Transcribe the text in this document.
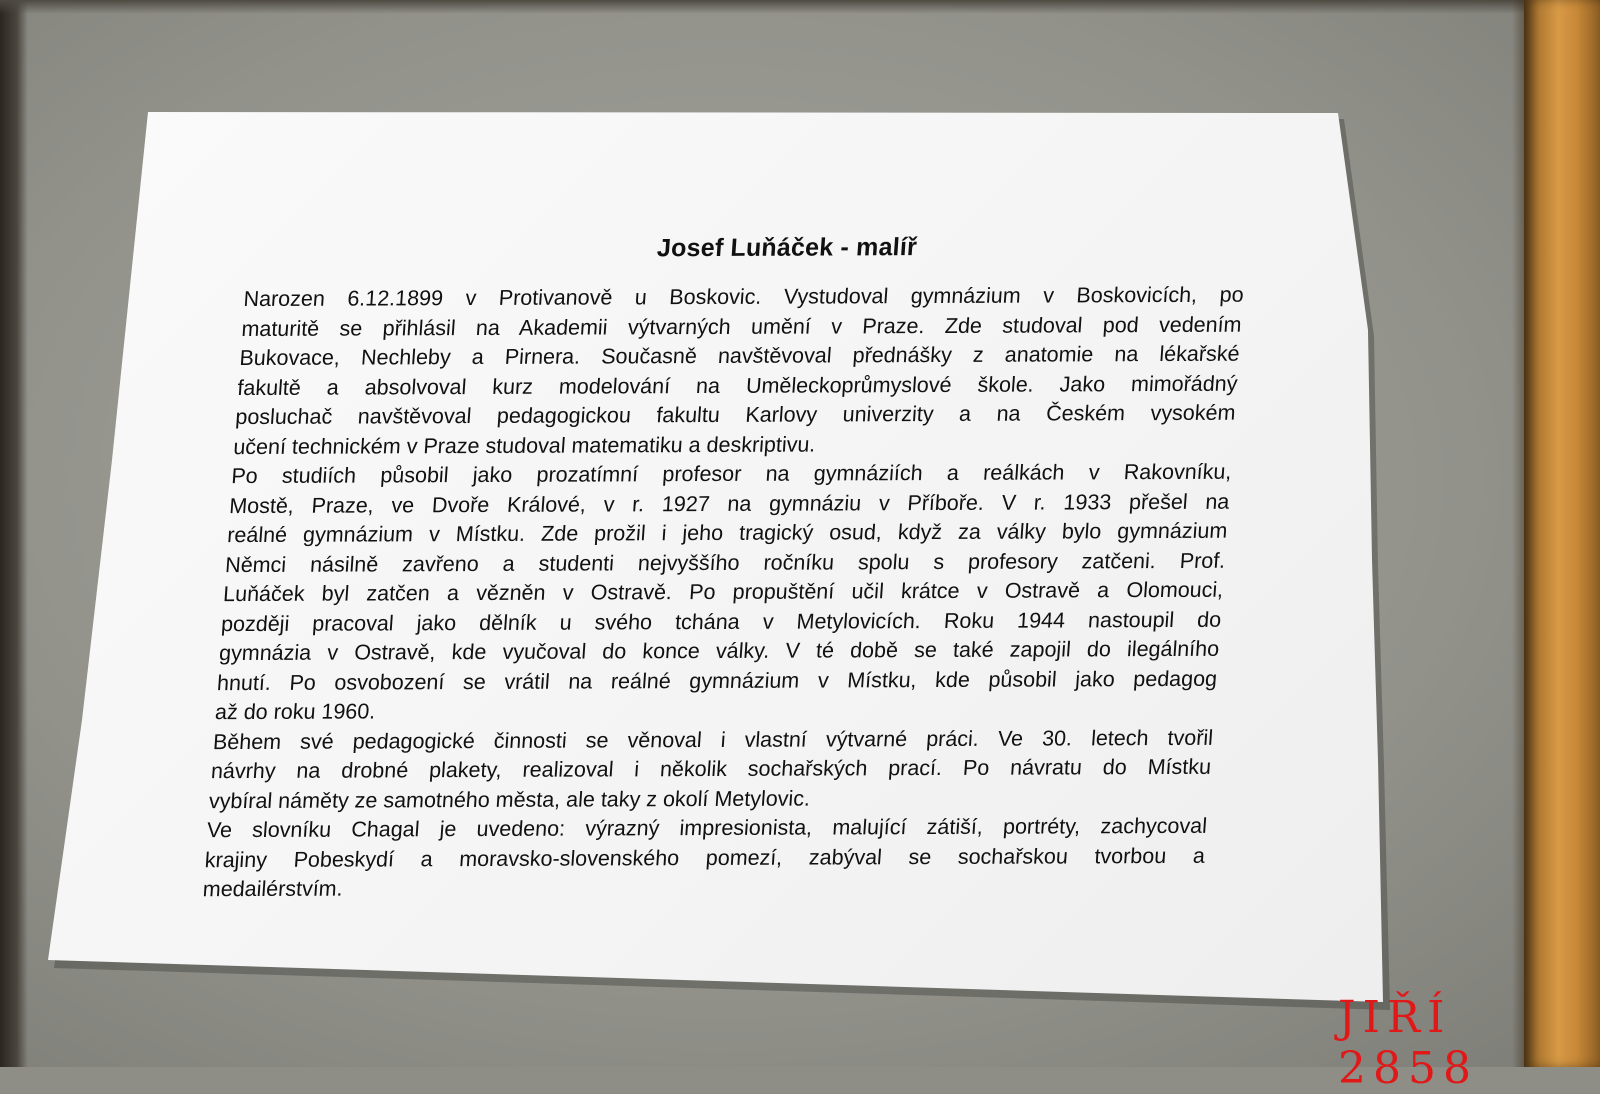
Josef Luňáček - malíř
Narozen 6.12.1899 v Protivanově u Boskovic. Vystudoval gymnázium v Boskovicích, po
maturitě se přihlásil na Akademii výtvarných umění v Praze. Zde studoval pod vedením
Bukovace, Nechleby a Pirnera. Současně navštěvoval přednášky z anatomie na lékařské
fakultě a absolvoval kurz modelování na Uměleckoprůmyslové škole. Jako mimořádný
posluchač navštěvoval pedagogickou fakultu Karlovy univerzity a na Českém vysokém
učení technickém v Praze studoval matematiku a deskriptivu.
Po studiích působil jako prozatímní profesor na gymnáziích a reálkách v Rakovníku,
Mostě, Praze, ve Dvoře Králové, v r. 1927 na gymnáziu v Příboře. V r. 1933 přešel na
reálné gymnázium v Místku. Zde prožil i jeho tragický osud, když za války bylo gymnázium
Němci násilně zavřeno a studenti nejvyššího ročníku spolu s profesory zatčeni. Prof.
Luňáček byl zatčen a vězněn v Ostravě. Po propuštění učil krátce v Ostravě a Olomouci,
později pracoval jako dělník u svého tchána v Metylovicích. Roku 1944 nastoupil do
gymnázia v Ostravě, kde vyučoval do konce války. V té době se také zapojil do ilegálního
hnutí. Po osvobození se vrátil na reálné gymnázium v Místku, kde působil jako pedagog
až do roku 1960.
Během své pedagogické činnosti se věnoval i vlastní výtvarné práci. Ve 30. letech tvořil
návrhy na drobné plakety, realizoval i několik sochařských prací. Po návratu do Místku
vybíral náměty ze samotného města, ale taky z okolí Metylovic.
Ve slovníku Chagal je uvedeno: výrazný impresionista, malující zátiší, portréty, zachycoval
krajiny Pobeskydí a moravsko-slovenského pomezí, zabýval se sochařskou tvorbou a
medailérstvím.
JIŘÍ 2858
